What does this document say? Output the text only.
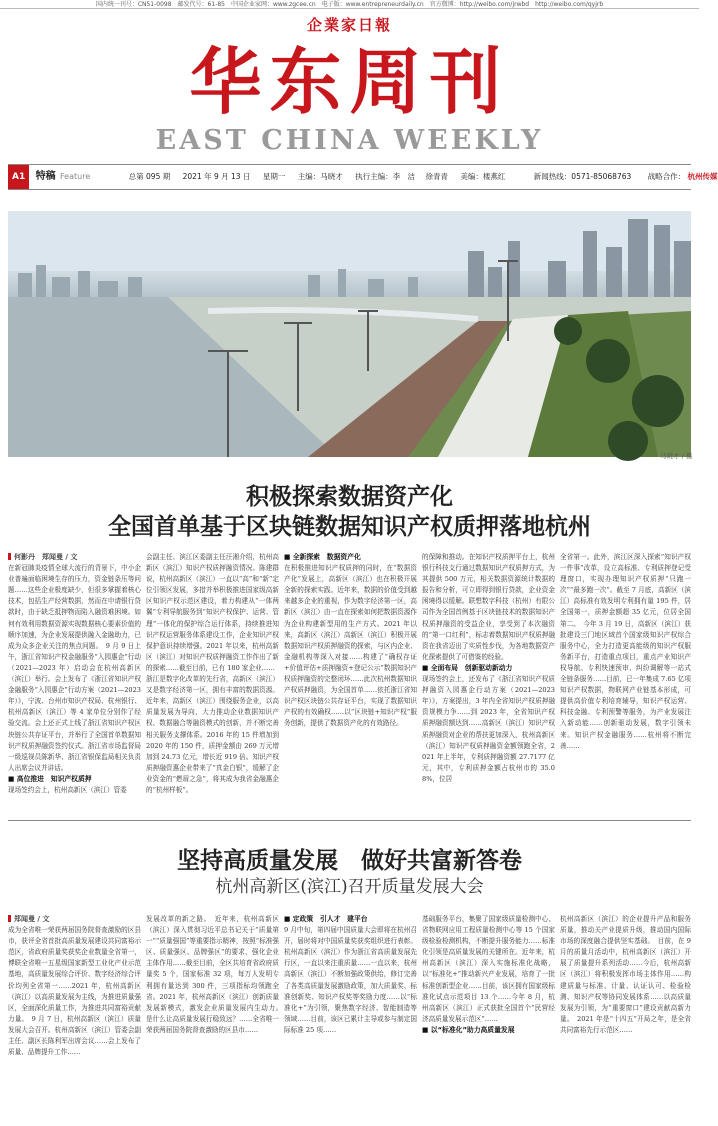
国内统一刊号：CN51-0098　邮发代号：61-85　中国企业家网：www.zgcee.cn　电子版：www.entrepreneurdaily.cn　官方微博：http://weibo.com/jrwbd　http://weibo.com/qyjrb
企業家日報
华东周刊
EAST CHINA WEEKLY
A1 特稿 Feature	总第 095 期 2021 年 9 月 13 日 星期一 主编：马晓才 执行主编：李　洁 徐青青 美编：楼燕红	新闻热线：0571-85068763 战略合作： 杭州传媒
马晓才 / 摄
积极探索数据资产化
全国首单基于区块链数据知识产权质押落地杭州
何影丹　郑闻曼 / 文

在新冠肺炎疫情全球大流行的背景下，中小企业普遍面临困境生存的压力，资金链条压等问题……这些企业极度缺少，但很多掌握着核心技术，包括生产经营数据，然而在申请银行贷款时，由于缺乏抵押物而陷入融资难困境。如何有效利用数据资源实现数据核心要素价值的顺序加速，为企业发展提供融入金融助力，已成为众多企业关注的焦点问题。　9 月 9 日上午，浙江省知识产权金融服务“入园惠企”行动（2021—2023 年）启动会在杭州高新区（滨江）举行。会上发布了《浙江省知识产权金融服务“入园惠企”行动方案（2021—2023 年）》，宁波、台州市知识产权局、杭州银行、杭州高新区（滨江）等 4 家单位分别作了经验交流。会上还正式上线了浙江省知识产权区块链公共存证平台，并举行了全国首单数据知识产权质押融资签约仪式。浙江省市场监督局一级巡视员陈新华、浙江省银保监局相关负责人出席会议并讲话。

■ 高位推进　知识产权质押

现场签约会上，杭州高新区（滨江）管委

会副主任、滨江区委副主任汪湘介绍，杭州高新区（滨江）知识产权质押融资情况。陈建群说，杭州高新区（滨江）一直以“高”和“新”定位引领区发展，多措并举积极推进国家级高新区知识产权示范区建设，着力构建从“一体两翼”专利导航服务到“知识产权保护、运营、管理”一体化的保护综合运行体系，持续推进知识产权运营服务体系建设工作，企业知识产权保护意识持续增强。2021 年以来，杭州高新区（滨江）对知识产权质押融资工作作出了新的探索……截至目前，已有 180 家企业……

浙江是数字化改革的先行省，高新区（滨江）又是数字经济第一区，拥有丰富的数据资源。近年来，高新区（滨江）围绕服务企业，以高质量发展为导向，大力推动企业数据知识产权、数据融合等融资模式的创新，并不断完善相关服务支撑体系。2016 年的 15 件增加到 2020 年的 150 件，质押金额由 269 万元增加到 24.73 亿元，增长近 919 倍。知识产权质押融资惠企业带来了“真金白银”，缓解了企业资金的“燃眉之急”，将其成为我省金融惠企的“杭州样板”。

■ 全新探索　数据资产化

在积极推进知识产权质押的同时，在“数据资产化”发展上，高新区（滨江）也在积极开展全新的探索实践。近年来，数据的价值受到越来越多企业的重视，作为数字经济第一区，高新区（滨江）由一直在探索如何把数据资源作为企业构建新型用的生产方式。2021 年以来，高新区（滨江）高新区（滨江）积极开展数据知识产权质押融资的探索，与区内企业、金融机构等深入对接……构建了“确权存证+价值评估+质押融资+登记公示”数据知识产权质押融资的完整闭环……此次杭州数据知识产权质押融资，为全国首单……依托浙江省知识产权区块链公共存证平台，实现了数据知识产权的有效确权……以“区块链+知识产权”服务创新，提供了数据资产化的有效路径。

的保障和推动。在知识产权质押平台上，杭州银行科技支行通过数据知识产权质押方式，为其提供 500 万元，相关数据资源统计数据的报告和分析，可立即得到银行贷款，企业资金困境得以缓解。联想数字科技（杭州）有限公司作为全国首例基于区块链技术的数据知识产权质押融资的受益企业，享受到了本次融资的“第一口红利”，标志着数据知识产权质押融资在我省迈出了实质性步伐，为各地数据资产化探索提供了可借鉴的经验。

■ 全面布局　创新驱动新动力

现场签约会上，还发布了《浙江省知识产权质押融资入园惠企行动方案（2021—2023 年）》，方案提出，3 年内全省知识产权质押融资规模力争……到 2023 年，全省知识产权质押融资额达到……高新区（滨江）知识产权质押融资对企业的帮扶更加深入，杭州高新区（滨江）知识产权质押融资金额领跑全省，2021 年上半年，专利质押融资额 27.7177 亿元，其中，专利质押金额占杭州市的 35.08%，位居

全省第一。此外，滨江区深入探索“知识产权一件事”改革，设立高标准、专利质押登记受理窗口，实现办理知识产权质押“只跑一次”“最多跑一次”。截至 7 月底，高新区（滨江）高标准有效发明专利拥有量 195 件，居全国第一，质押金额超 35 亿元，位居全国第二。　今年 3 月 19 日，高新区（滨江）获批建设三门地区域首个国家级知识产权综合服务中心，全力打造更高能级的知识产权服务新平台，打造重点项目，重点产业知识产权导航、专利快速预审、纠纷调解等一站式全链条服务……目前，已一年集成 7.65 亿项知识产权数据，物联网产业链基本形成，可提供高价值专利培育辅导，知识产权运营、科技金融、专利预警等服务，为产业发展注入新动能……创新驱动发展，数字引领未来。知识产权金融服务……杭州将不断完善……

坚持高质量发展　做好共富新答卷
杭州高新区(滨江)召开质量发展大会
郑闻曼 / 文

成为全省唯一荣获两届国务院督查激励的区县市，获评全省首批高质量发展建设共同富裕示范区，省政府质量奖获奖企业数量全省第一，博联全省唯一五星级国家新型工业化产业示范基地，高质量发展综合评价、数字经济综合评价均列全省第一……2021 年，杭州高新区（滨江）以高质量发展为主线，为推进质量强区，全面深化质量工作，为推进共同富裕贡献力量。　9 月 7 日，杭州高新区（滨江）质量发展大会召开。杭州高新区（滨江）管委会副主任、副区长陈利军出席会议……会上发布了质量、品牌提升工作……

发展改革的新之路。　近年来，杭州高新区（滨江）深入贯彻习近平总书记关于“质量第一”“质量强国”等重要指示精神，按照“标准强区、质量强区、品牌强区”的要求，强化企业主体作用……截至目前，全区共培育省政府质量奖 5 个，国家标准 32 项，每万人发明专利拥有量达到 300 件，三项指标均领跑全省。2021 年，杭州高新区（滨江）创新质量发展新模式，激发企业质量发展内生动力。　是什么让高质量发展行稳致远？……全省唯一荣获两届国务院督查激励的区县市……

■ 定政策　引人才　建平台

9 月中旬，第四届中国质量大会即将在杭州召开，届时将对中国质量奖获奖组织进行表彰。杭州高新区（滨江）作为浙江省高质量发展先行区，一直以来注重质量……一直以来，杭州高新区（滨江）不断加强政策供给，修订完善了各类高质量发展激励政策，加大质量奖、标准创新奖、知识产权奖等奖励力度……以“标准化+”为引领，聚焦数字经济、智能制造等领域……目前，该区已累计主导或参与制定国际标准 25 项……

基础服务平台，集聚了国家级质量检测中心、省物联网应用工程质量检测中心等 15 个国家级检验检测机构，不断提升服务能力……标准化引领是高质量发展的关键所在。近年来，杭州高新区（滨江）深入实施标准化战略，以“标准化+”推动新兴产业发展，培育了一批标准创新型企业……目前，该区拥有国家级标准化试点示范项目 13 个……今年 8 月，杭州高新区（滨江）正式获批全国首个“民营经济高质量发展示范区”……

■ 以“标准化”助力高质量发展

杭州高新区（滨江）的企业提升产品和服务质量，推动关产业提质升级，推动国内国际市场的深度融合提供坚实基础。　目前，在 9 月的质量月活动中，杭州高新区（滨江）开展了质量提升系列活动……今后，杭州高新区（滨江）将积极发挥市场主体作用……构建质量与标准、计量、认证认可、检验检测、知识产权等协同发展体系……以高质量发展为引领，为“重要窗口”建设贡献高新力量。　2021 年是“十四五”开局之年，是全省共同富裕先行示范区……
